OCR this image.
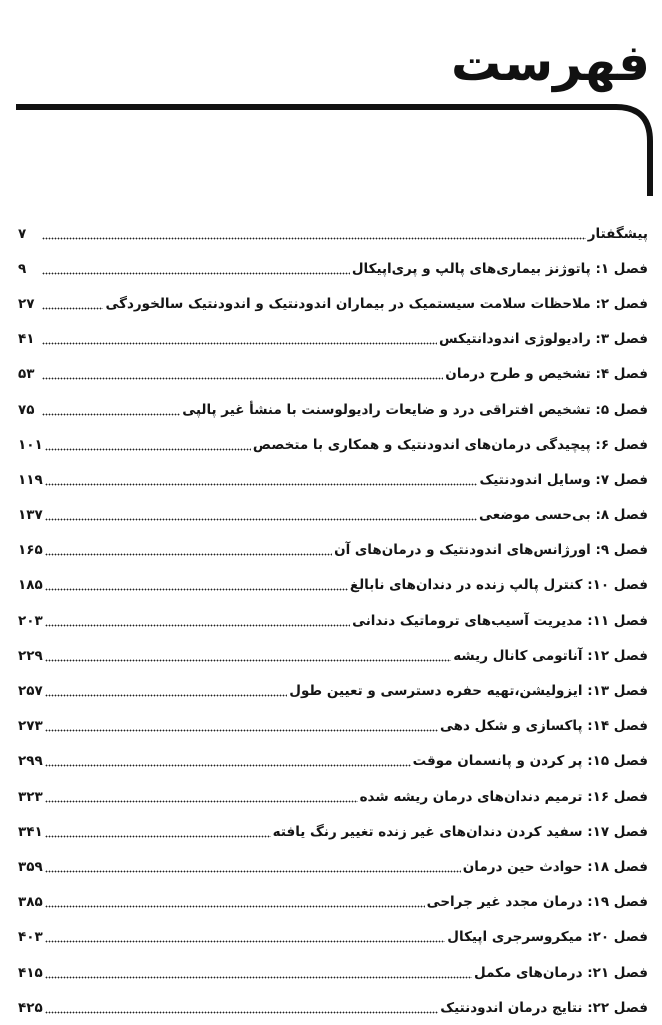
فهرست
پیشگفتار
۷
فصل ۱: پاتوژنز بیماری‌های پالپ و پری‌اپیکال
۹
فصل ۲: ملاحظات سلامت سیستمیک در بیماران اندودنتیک و اندودنتیک سالخوردگی
۲۷
فصل ۳: رادیولوژی اندودانتیکس
۴۱
فصل ۴: تشخیص و طرح درمان
۵۳
فصل ۵: تشخیص افتراقی درد و ضایعات رادیولوسنت با منشأ غیر پالپی
۷۵
فصل ۶: پیچیدگی درمان‌های اندودنتیک و همکاری با متخصص
۱۰۱
فصل ۷: وسایل اندودنتیک
۱۱۹
فصل ۸: بی‌حسی موضعی
۱۳۷
فصل ۹: اورژانس‌های اندودنتیک و درمان‌های آن
۱۶۵
فصل ۱۰: کنترل پالپ زنده در دندان‌های نابالغ
۱۸۵
فصل ۱۱: مدیریت آسیب‌های تروماتیک دندانی
۲۰۳
فصل ۱۲: آناتومی کانال ریشه
۲۲۹
فصل ۱۳: ایزولیشن،تهیه حفره دسترسی و تعیین طول
۲۵۷
فصل ۱۴: پاکسازی و شکل دهی
۲۷۳
فصل ۱۵: پر کردن و پانسمان موقت
۲۹۹
فصل ۱۶: ترمیم دندان‌های درمان ریشه شده
۳۲۳
فصل ۱۷: سفید کردن دندان‌های غیر زنده تغییر رنگ یافته
۳۴۱
فصل ۱۸: حوادث حین درمان
۳۵۹
فصل ۱۹: درمان مجدد غیر جراحی
۳۸۵
فصل ۲۰: میکروسرجری اپیکال
۴۰۳
فصل ۲۱: درمان‌های مکمل
۴۱۵
فصل ۲۲: نتایج درمان اندودنتیک
۴۲۵
